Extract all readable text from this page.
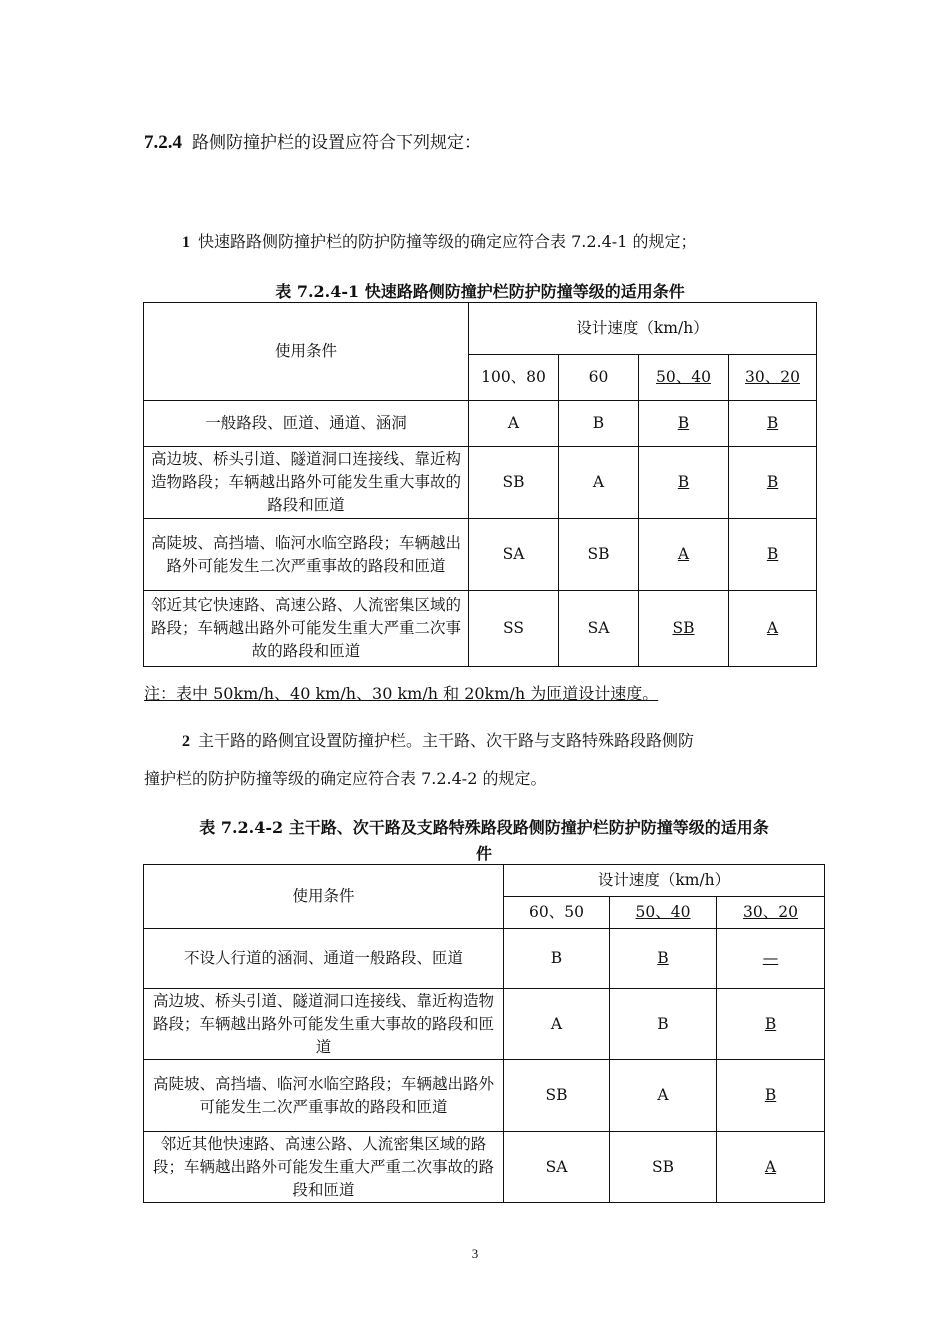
7.2.4 路侧防撞护栏的设置应符合下列规定：
1 快速路路侧防撞护栏的防护防撞等级的确定应符合表 7.2.4-1 的规定；
表 7.2.4-1 快速路路侧防撞护栏防护防撞等级的适用条件
使用条件	设计速度（km/h）			
	100、80	60	50、40	30、20
一般路段、匝道、通道、涵洞	A	B	B	B
高边坡、桥头引道、隧道洞口连接线、靠近构造物路段；车辆越出路外可能发生重大事故的路段和匝道	SB	A	B	B
高陡坡、高挡墙、临河水临空路段；车辆越出路外可能发生二次严重事故的路段和匝道	SA	SB	A	B
邻近其它快速路、高速公路、人流密集区域的路段；车辆越出路外可能发生重大严重二次事故的路段和匝道	SS	SA	SB	A
注：表中 50km/h、40 km/h、30 km/h 和 20km/h 为匝道设计速度。
2 主干路的路侧宜设置防撞护栏。主干路、次干路与支路特殊路段路侧防
撞护栏的防护防撞等级的确定应符合表 7.2.4-2 的规定。
表 7.2.4-2 主干路、次干路及支路特殊路段路侧防撞护栏防护防撞等级的适用条
件
使用条件	设计速度（km/h）		
	60、50	50、40	30、20
不设人行道的涵洞、通道一般路段、匝道	B	B	—
高边坡、桥头引道、隧道洞口连接线、靠近构造物路段；车辆越出路外可能发生重大事故的路段和匝道	A	B	B
高陡坡、高挡墙、临河水临空路段；车辆越出路外可能发生二次严重事故的路段和匝道	SB	A	B
邻近其他快速路、高速公路、人流密集区域的路段；车辆越出路外可能发生重大严重二次事故的路段和匝道	SA	SB	A
3
